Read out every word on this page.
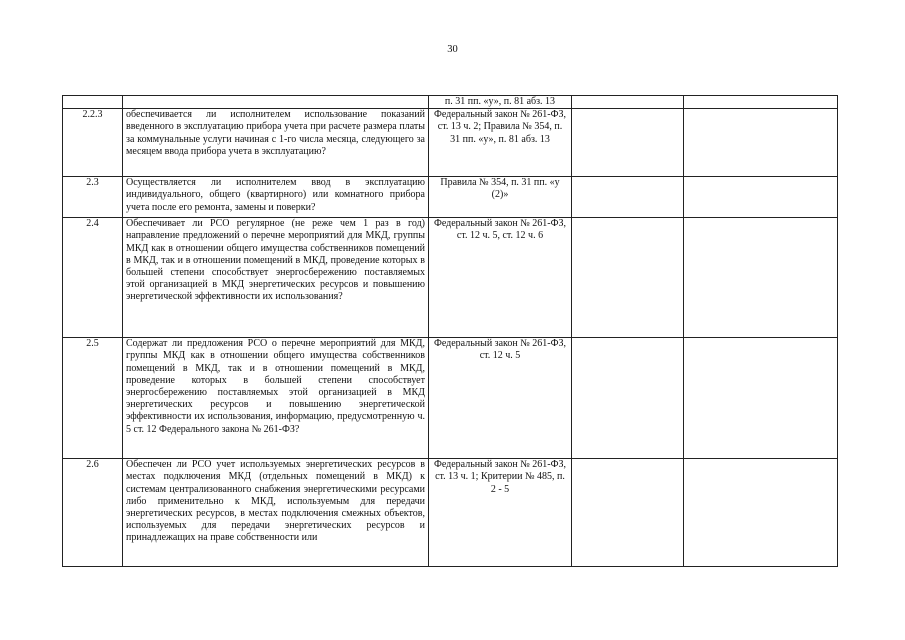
30
		п. 31 пп. «у», п. 81 абз. 13		
2.2.3	обеспечивается ли исполнителем использование показаний введенного в эксплуатацию прибора учета при расчете размера платы за коммунальные услуги начиная с 1-го числа месяца, следующего за месяцем ввода прибора учета в эксплуатацию?	Федеральный закон № 261-ФЗ, ст. 13 ч. 2; Правила № 354, п. 31 пп. «у», п. 81 абз. 13		
2.3	Осуществляется ли исполнителем ввод в эксплуатацию индивидуального, общего (квартирного) или комнатного прибора учета после его ремонта, замены и поверки?	Правила № 354, п. 31 пп. «у (2)»		
2.4	Обеспечивает ли РСО регулярное (не реже чем 1 раз в год) направление предложений о перечне мероприятий для МКД, группы МКД как в отношении общего имущества собственников помещений в МКД, так и в отношении помещений в МКД, проведение которых в большей степени способствует энергосбережению поставляемых этой организацией в МКД энергетических ресурсов и повышению энергетической эффективности их использования?	Федеральный закон № 261-ФЗ, ст. 12 ч. 5, ст. 12 ч. 6		
2.5	Содержат ли предложения РСО о перечне мероприятий для МКД, группы МКД как в отношении общего имущества собственников помещений в МКД, так и в отношении помещений в МКД, проведение которых в большей степени способствует энергосбережению поставляемых этой организацией в МКД энергетических ресурсов и повышению энергетической эффективности их использования, информацию, предусмотренную ч. 5 ст. 12 Федерального закона № 261-ФЗ?	Федеральный закон № 261-ФЗ, ст. 12 ч. 5		
2.6	Обеспечен ли РСО учет используемых энергетических ресурсов в местах подключения МКД (отдельных помещений в МКД) к системам централизованного снабжения энергетическими ресурсами либо применительно к МКД, используемым для передачи энергетических ресурсов, в местах подключения смежных объектов, используемых для передачи энергетических ресурсов и принадлежащих на праве собственности или	Федеральный закон № 261-ФЗ, ст. 13 ч. 1; Критерии № 485, п. 2 - 5		
